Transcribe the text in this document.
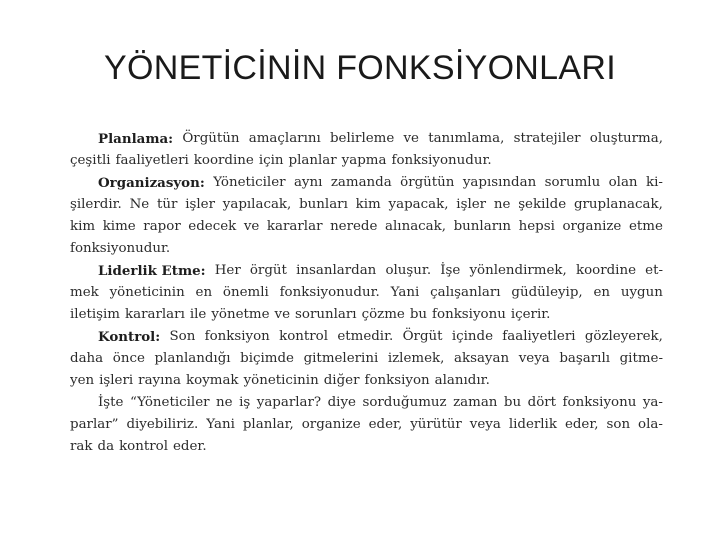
YÖNETİCİNİN FONKSİYONLARI
Planlama: Örgütün amaçlarını belirleme ve tanımlama, stratejiler oluşturma,
çeşitli faaliyetleri koordine için planlar yapma fonksiyonudur.
Organizasyon: Yöneticiler aynı zamanda örgütün yapısından sorumlu olan ki-
şilerdir. Ne tür işler yapılacak, bunları kim yapacak, işler ne şekilde gruplanacak,
kim kime rapor edecek ve kararlar nerede alınacak, bunların hepsi organize etme
fonksiyonudur.
Liderlik Etme: Her örgüt insanlardan oluşur. İşe yönlendirmek, koordine et-
mek yöneticinin en önemli fonksiyonudur. Yani çalışanları güdüleyip, en uygun
iletişim kararları ile yönetme ve sorunları çözme bu fonksiyonu içerir.
Kontrol: Son fonksiyon kontrol etmedir. Örgüt içinde faaliyetleri gözleyerek,
daha önce planlandığı biçimde gitmelerini izlemek, aksayan veya başarılı gitme-
yen işleri rayına koymak yöneticinin diğer fonksiyon alanıdır.
İşte “Yöneticiler ne iş yaparlar? diye sorduğumuz zaman bu dört fonksiyonu ya-
parlar” diyebiliriz. Yani planlar, organize eder, yürütür veya liderlik eder, son ola-
rak da kontrol eder.
